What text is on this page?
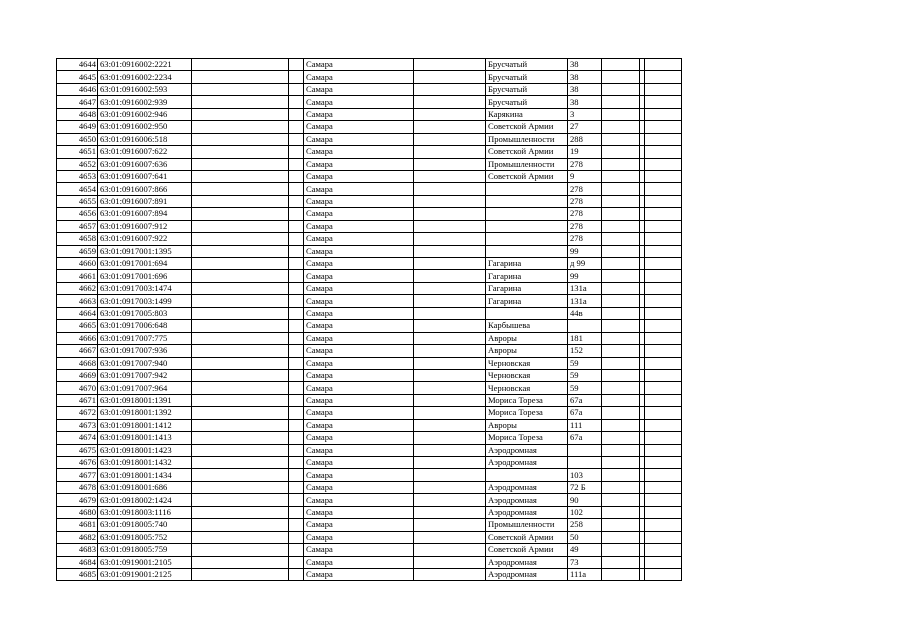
4644	63:01:0916002:2221			Самара		Брусчатый	38			
4645	63:01:0916002:2234			Самара		Брусчатый	38			
4646	63:01:0916002:593			Самара		Брусчатый	38			
4647	63:01:0916002:939			Самара		Брусчатый	38			
4648	63:01:0916002:946			Самара		Карякина	3			
4649	63:01:0916002:950			Самара		Советской Армии	27			
4650	63:01:0916006:518			Самара		Промышленности	288			
4651	63:01:0916007:622			Самара		Советской Армии	19			
4652	63:01:0916007:636			Самара		Промышленности	278			
4653	63:01:0916007:641			Самара		Советской Армии	9			
4654	63:01:0916007:866			Самара			278			
4655	63:01:0916007:891			Самара			278			
4656	63:01:0916007:894			Самара			278			
4657	63:01:0916007:912			Самара			278			
4658	63:01:0916007:922			Самара			278			
4659	63:01:0917001:1395			Самара			99			
4660	63:01:0917001:694			Самара		Гагарина	д 99			
4661	63:01:0917001:696			Самара		Гагарина	99			
4662	63:01:0917003:1474			Самара		Гагарина	131а			
4663	63:01:0917003:1499			Самара		Гагарина	131а			
4664	63:01:0917005:803			Самара			44в			
4665	63:01:0917006:648			Самара		Карбышева				
4666	63:01:0917007:775			Самара		Авроры	181			
4667	63:01:0917007:936			Самара		Авроры	152			
4668	63:01:0917007:940			Самара		Черновская	59			
4669	63:01:0917007:942			Самара		Черновская	59			
4670	63:01:0917007:964			Самара		Черновская	59			
4671	63:01:0918001:1391			Самара		Мориса Тореза	67а			
4672	63:01:0918001:1392			Самара		Мориса Тореза	67а			
4673	63:01:0918001:1412			Самара		Авроры	111			
4674	63:01:0918001:1413			Самара		Мориса Тореза	67а			
4675	63:01:0918001:1423			Самара		Аэродромная				
4676	63:01:0918001:1432			Самара		Аэродромная				
4677	63:01:0918001:1434			Самара			103			
4678	63:01:0918001:686			Самара		Аэродромная	72 Б			
4679	63:01:0918002:1424			Самара		Аэродромная	90			
4680	63:01:0918003:1116			Самара		Аэродромная	102			
4681	63:01:0918005:740			Самара		Промышленности	258			
4682	63:01:0918005:752			Самара		Советской Армии	50			
4683	63:01:0918005:759			Самара		Советской Армии	49			
4684	63:01:0919001:2105			Самара		Аэродромная	73			
4685	63:01:0919001:2125			Самара		Аэродромная	111а			
